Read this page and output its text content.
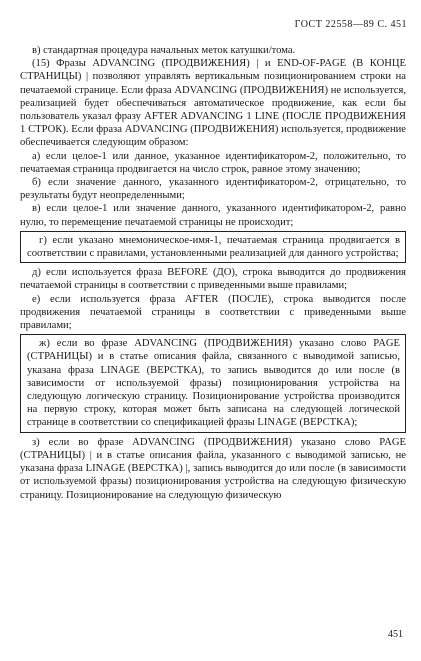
ГОСТ 22558—89 С. 451

в) стандартная процедура начальных меток катушки/тома.

(15) Фразы ADVANCING (ПРОДВИЖЕНИЯ) | и END-OF-PAGE (В КОНЦЕ СТРАНИЦЫ) | позволяют управлять вертикальным позиционированием строки на печатаемой странице. Если фраза ADVANCING (ПРОДВИЖЕНИЯ) не используется, реализацией будет обеспечиваться автоматическое продвижение, как если бы пользователь указал фразу AFTER ADVANCING 1 LINE (ПОСЛЕ ПРОДВИЖЕНИЯ 1 СТРОК). Если фраза ADVANCING (ПРОДВИЖЕНИЯ) используется, продвижение обеспечивается следующим образом:

а) если целое-1 или данное, указанное идентификатором-2, положительно, то печатаемая страница продвигается на число строк, равное этому значению;

б) если значение данного, указанного идентификатором-2, отрицательно, то результаты будут неопределенными;

в) если целое-1 или значение данного, указанного идентификатором-2, равно нулю, то перемещение печатаемой страницы не происходит;

г) если указано мнемоническое-имя-1, печатаемая страница продвигается в соответствии с правилами, установленными реализацией для данного устройства;

д) если используется фраза BEFORE (ДО), строка выводится до продвижения печатаемой страницы в соответствии с приведенными выше правилами;

е) если используется фраза AFTER (ПОСЛЕ), строка выводится после продвижения печатаемой страницы в соответствии с приведенными выше правилами;

ж) если во фразе ADVANCING (ПРОДВИЖЕНИЯ) указано слово PAGE (СТРАНИЦЫ) и в статье описания файла, связанного с выводимой записью, указана фраза LINAGE (ВЕРСТКА), то запись выводится до или после (в зависимости от используемой фразы) позиционирования устройства на следующую логическую страницу. Позиционирование устройства производится на первую строку, которая может быть записана на следующей логической странице в соответствии со спецификацией фразы LINAGE (ВЕРСТКА);

з) если во фразе ADVANCING (ПРОДВИЖЕНИЯ) указано слово PAGE (СТРАНИЦЫ) | и в статье описания файла, указанного с выводимой записью, не указана фраза LINAGE (ВЕРСТКА) |, запись выводится до или после (в зависимости от используемой фразы) позиционирования устройства на следующую физическую страницу. Позиционирование на следующую физическую

451
